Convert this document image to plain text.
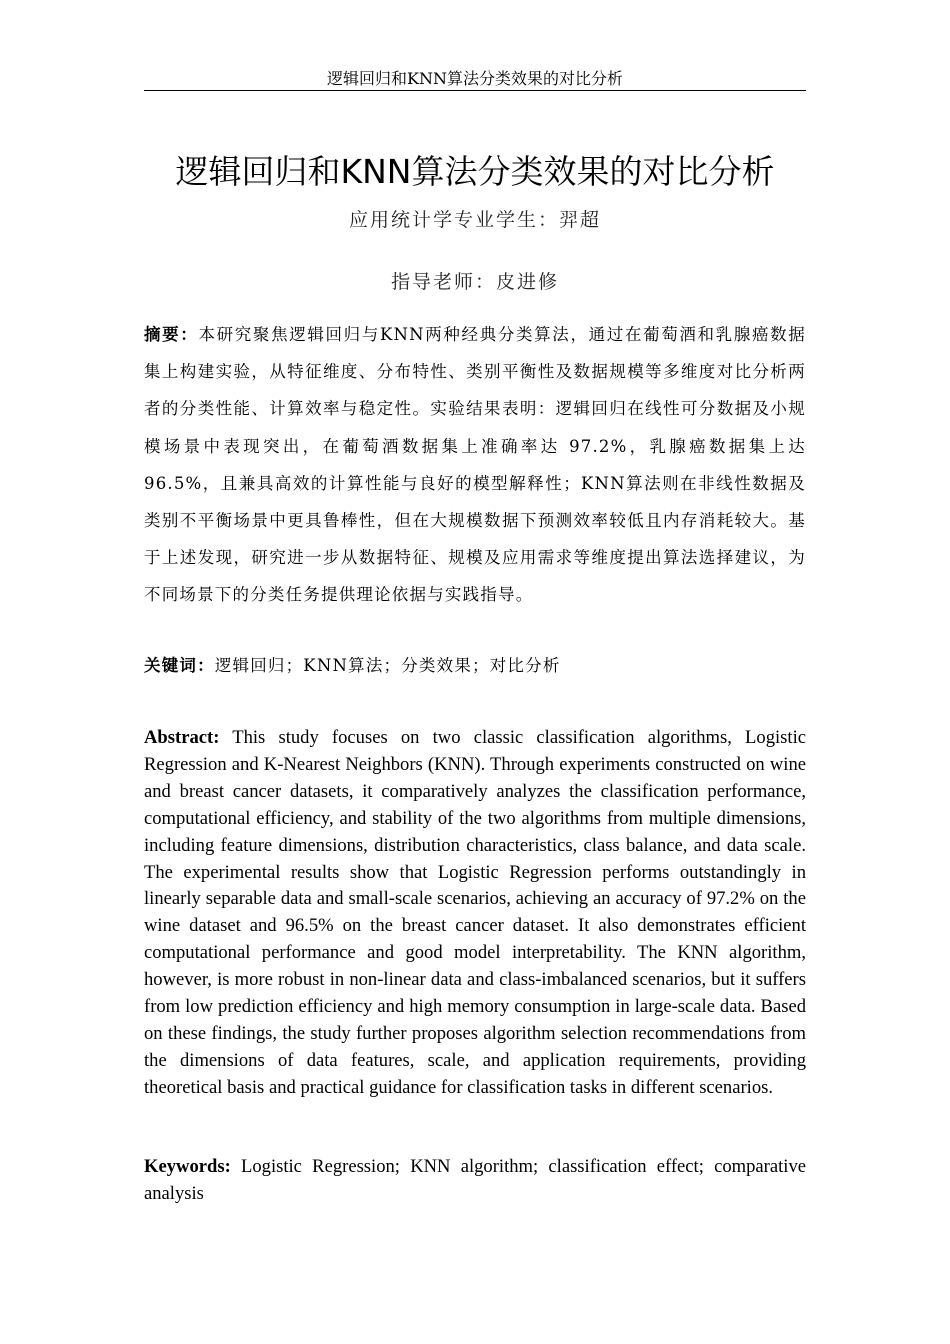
逻辑回归和KNN算法分类效果的对比分析
逻辑回归和KNN算法分类效果的对比分析
应用统计学专业学生：羿超
指导老师：皮进修
摘要：本研究聚焦逻辑回归与KNN两种经典分类算法，通过在葡萄酒和乳腺癌数据集上构建实验，从特征维度、分布特性、类别平衡性及数据规模等多维度对比分析两者的分类性能、计算效率与稳定性。实验结果表明：逻辑回归在线性可分数据及小规模场景中表现突出，在葡萄酒数据集上准确率达 97.2%，乳腺癌数据集上达 96.5%，且兼具高效的计算性能与良好的模型解释性；KNN算法则在非线性数据及类别不平衡场景中更具鲁棒性，但在大规模数据下预测效率较低且内存消耗较大。基于上述发现，研究进一步从数据特征、规模及应用需求等维度提出算法选择建议，为不同场景下的分类任务提供理论依据与实践指导。
关键词：逻辑回归；KNN算法；分类效果；对比分析
Abstract: This study focuses on two classic classification algorithms, Logistic Regression and K-Nearest Neighbors (KNN). Through experiments constructed on wine and breast cancer datasets, it comparatively analyzes the classification performance, computational efficiency, and stability of the two algorithms from multiple dimensions, including feature dimensions, distribution characteristics, class balance, and data scale. The experimental results show that Logistic Regression performs outstandingly in linearly separable data and small-scale scenarios, achieving an accuracy of 97.2% on the wine dataset and 96.5% on the breast cancer dataset. It also demonstrates efficient computational performance and good model interpretability. The KNN algorithm, however, is more robust in non-linear data and class-imbalanced scenarios, but it suffers from low prediction efficiency and high memory consumption in large-scale data. Based on these findings, the study further proposes algorithm selection recommendations from the dimensions of data features, scale, and application requirements, providing theoretical basis and practical guidance for classification tasks in different scenarios.
Keywords: Logistic Regression; KNN algorithm; classification effect; comparative analysis
